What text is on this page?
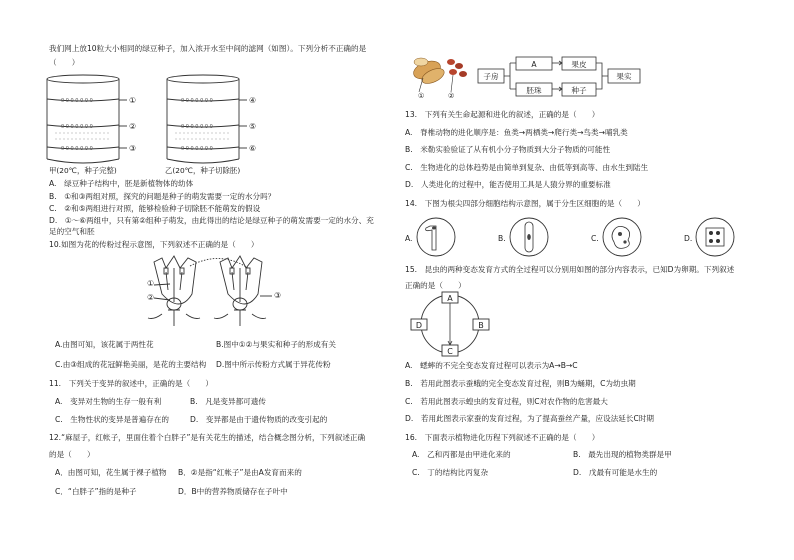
我们网上放10粒大小相同的绿豆种子，加入浓开水至中间的滤网（如图）。下列分析不正确的是
（　　）
0 0 0 0 0 0 0
0 0 0 0 0 0 0
0 0 0 0 0 0 0
0 0 0 0 0 0 0
0 0 0 0 0 0 0
0 0 0 0 0 0 0
①
②
③
④
⑤
⑥
甲(20℃，种子完整)	乙(20℃，种子切除胚)
A.　绿豆种子结构中，胚是新植物体的幼体
B.　①和③两组对照，探究的问题是种子的萌发需要一定的水分吗？
C.　②和⑤两组进行对照，能够检验种子切除胚不能萌发的假设
D.　①～⑥两组中，只有第②组种子萌发，由此得出的结论是绿豆种子的萌发需要一定的水分、充
足的空气和胚
10.如图为花的传粉过程示意图，下列叙述不正确的是（　　）
①
②	③
A.由图可知，该花属于两性花	B.图中①②与果实和种子的形成有关
C.由③组成的花冠鲜艳美丽，是花的主要结构 D.图中所示传粉方式属于异花传粉
11.　下列关于变异的叙述中，正确的是（　　）
A.　变异对生物的生存一般有利	B.　凡是变异都可遗传
C.　生物性状的变异是普遍存在的	D.　变异都是由于遗传物质的改变引起的
12.“麻屋子，红帐子，里面住着个白胖子”是有关花生的描述，结合概念图分析，下列叙述正确
的是（　　）
A．由图可知，花生属于裸子植物 B．②是指“红帐子”是由A发育而来的
C．“白胖子”指的是种子	D．B中的营养物质储存在子叶中
①	②
子房
A
胚珠
果皮
种子
果实
13.　下列有关生命起源和进化的叙述，正确的是（　　）
A.　脊椎动物的进化顺序是：鱼类→两栖类→爬行类→鸟类→哺乳类
B.　米勒实验验证了从有机小分子物质到大分子物质的可能性
C.　生物进化的总体趋势是由简单到复杂、由低等到高等、由水生到陆生
D.　人类进化的过程中，能否使用工具是人猿分界的重要标准
14.　下图为根尖四部分细胞结构示意图，属于分生区细胞的是（　　）
A.	B.	C.	D.
15.　昆虫的两种变态发育方式的全过程可以分别用如图的部分内容表示，已知D为卵期。下列叙述
正确的是（　　）
A
B
C
D
A.　蟋蟀的不完全变态发育过程可以表示为A→B→C
B.　若用此图表示蚕蛾的完全变态发育过程，则B为蛹期，C为幼虫期
C.　若用此图表示蝗虫的发育过程，则C对农作物的危害最大
D.　若用此图表示家蚕的发育过程，为了提高蚕丝产量，应设法延长C时期
16.　下面表示植物进化历程下列叙述不正确的是（　　）
A.　乙和丙都是由甲进化来的	B.　最先出现的植物类群是甲
C.　丁的结构比丙复杂	D.　戊最有可能是水生的
